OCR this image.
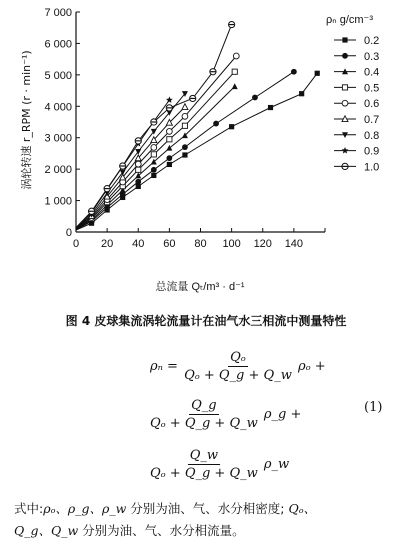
0
1 000
2 000
3 000
4 000
5 000
6 000
7 000
0 20 40 60 80 100 120 140
ρₙ g/cm⁻³
0.2
0.3
0.4
0.5
0.6
0.7
0.8
0.9
1.0
涡轮转速 r_RPM (r · min⁻¹)
总流量 Qₜ/m³ · d⁻¹
图 4 皮球集流涡轮流量计在油气水三相流中测量特性
$\rho_n = \frac{\text{Qₒ}}{\text{Qₒ + Q\_g + Q\_w}}$ ρₒ +
$\frac{Q\_g}{\text{Qₒ + Q\_g + Q\_w}}$ ρ_g +
$\frac{Q\_w}{\text{Qₒ + Q\_g + Q\_w}}$ ρ_w
(1)
式中:ρₒ、ρ_g、ρ_w 分别为油、气、水分相密度; Qₒ、
Q_g、Q_w 分别为油、气、水分相流量。
